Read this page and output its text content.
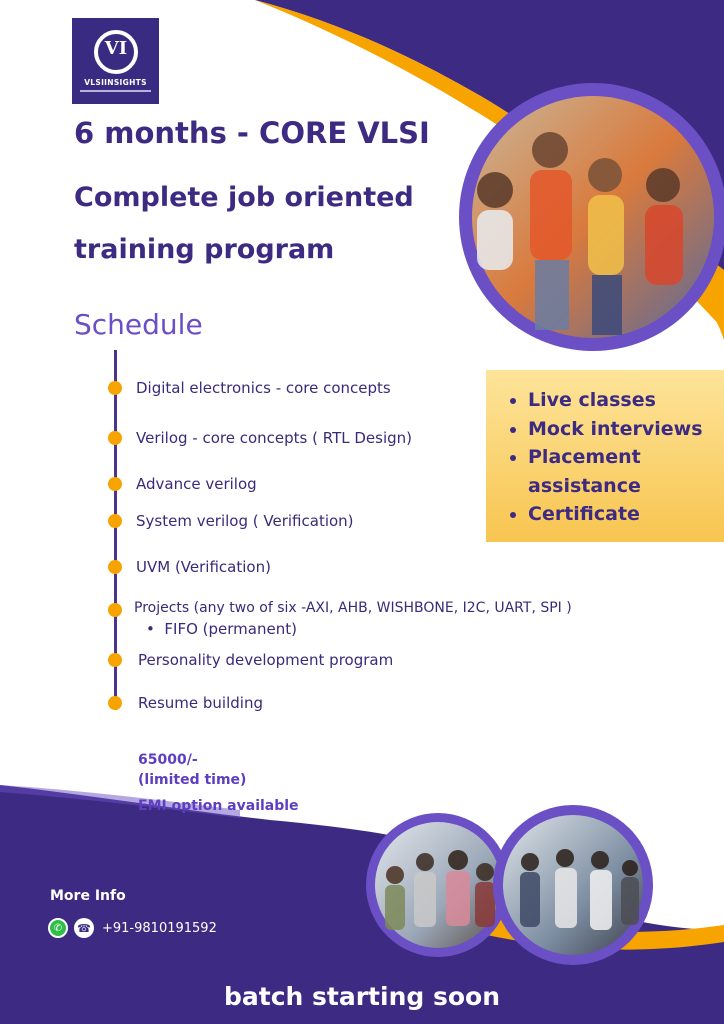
VI
VLSIINSIGHTS
6 months - CORE VLSI
Complete job oriented
training program
Schedule
Digital electronics - core concepts
Verilog - core concepts ( RTL Design)
Advance verilog
System verilog ( Verification)
UVM (Verification)
Projects (any two of six -AXI, AHB, WISHBONE, I2C, UART, SPI )
• FIFO (permanent)
Personality development program
Resume building
Live classes
Mock interviews
Placement assistance
Certificate
65000/-
(limited time)
EMI option available
More Info
✆	☎ +91-9810191592
batch starting soon
